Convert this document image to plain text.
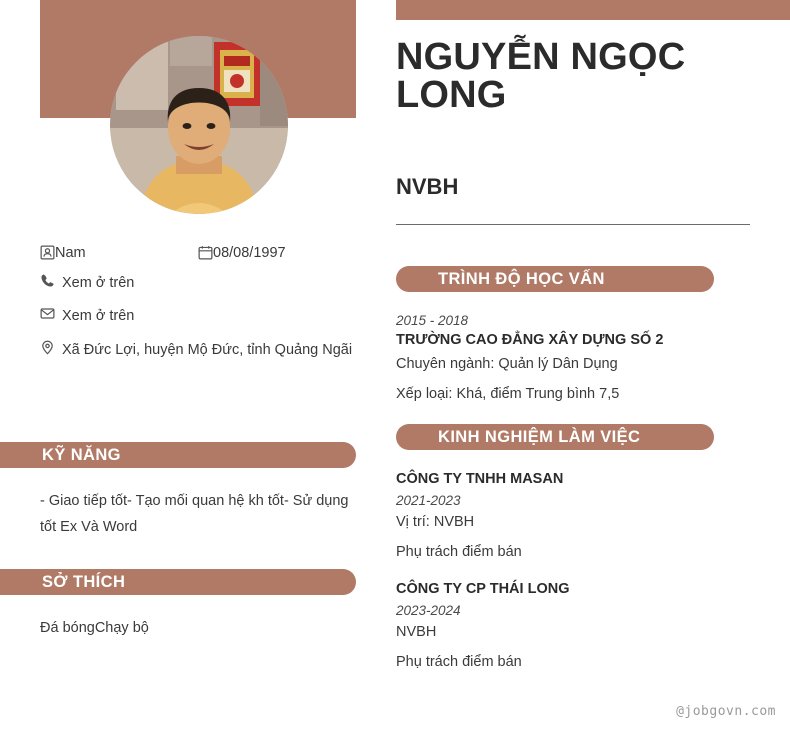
Nam	08/08/1997
Xem ở trên
Xem ở trên
Xã Đức Lợi, huyện Mộ Đức, tỉnh Quảng Ngãi
KỸ NĂNG
- Giao tiếp tốt- Tạo mối quan hệ kh tốt- Sử dụng tốt Ex Và Word
SỞ THÍCH
Đá bóngChạy bộ
NGUYỄN NGỌC LONG
NVBH
TRÌNH ĐỘ HỌC VẤN
KINH NGHIỆM LÀM VIỆC
2015 - 2018
TRƯỜNG CAO ĐẲNG XÂY DỰNG SỐ 2
Chuyên ngành: Quản lý Dân Dụng
Xếp loại: Khá, điểm Trung bình 7,5
CÔNG TY TNHH MASAN
2021-2023
Vị trí: NVBH
Phụ trách điểm bán
CÔNG TY CP THÁI LONG
2023-2024
NVBH
Phụ trách điểm bán
@jobgovn.com
